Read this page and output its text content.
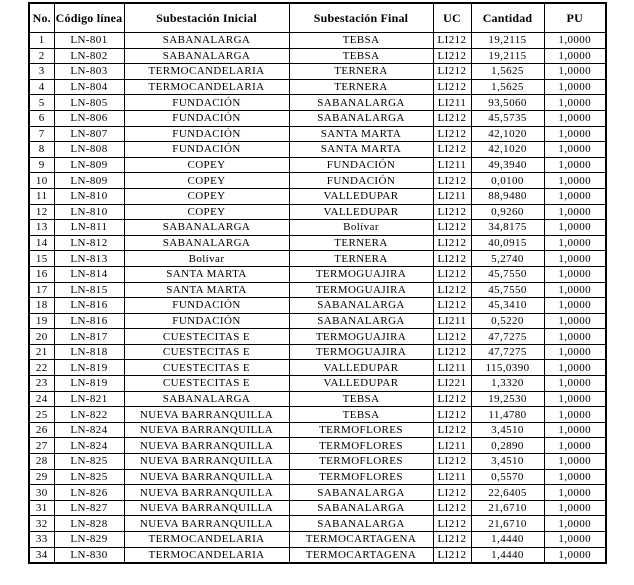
No.	Código línea	Subestación Inicial	Subestación Final	UC	Cantidad	PU
1	LN-801	SABANALARGA	TEBSA	LI212	19,2115	1,0000
2	LN-802	SABANALARGA	TEBSA	LI212	19,2115	1,0000
3	LN-803	TERMOCANDELARIA	TERNERA	LI212	1,5625	1,0000
4	LN-804	TERMOCANDELARIA	TERNERA	LI212	1,5625	1,0000
5	LN-805	FUNDACIÓN	SABANALARGA	LI211	93,5060	1,0000
6	LN-806	FUNDACIÓN	SABANALARGA	LI212	45,5735	1,0000
7	LN-807	FUNDACIÓN	SANTA MARTA	LI212	42,1020	1,0000
8	LN-808	FUNDACIÓN	SANTA MARTA	LI212	42,1020	1,0000
9	LN-809	COPEY	FUNDACIÓN	LI211	49,3940	1,0000
10	LN-809	COPEY	FUNDACIÓN	LI212	0,0100	1,0000
11	LN-810	COPEY	VALLEDUPAR	LI211	88,9480	1,0000
12	LN-810	COPEY	VALLEDUPAR	LI212	0,9260	1,0000
13	LN-811	SABANALARGA	Bolívar	LI212	34,8175	1,0000
14	LN-812	SABANALARGA	TERNERA	LI212	40,0915	1,0000
15	LN-813	Bolívar	TERNERA	LI212	5,2740	1,0000
16	LN-814	SANTA MARTA	TERMOGUAJIRA	LI212	45,7550	1,0000
17	LN-815	SANTA MARTA	TERMOGUAJIRA	LI212	45,7550	1,0000
18	LN-816	FUNDACIÓN	SABANALARGA	LI212	45,3410	1,0000
19	LN-816	FUNDACIÓN	SABANALARGA	LI211	0,5220	1,0000
20	LN-817	CUESTECITAS E	TERMOGUAJIRA	LI212	47,7275	1,0000
21	LN-818	CUESTECITAS E	TERMOGUAJIRA	LI212	47,7275	1,0000
22	LN-819	CUESTECITAS E	VALLEDUPAR	LI211	115,0390	1,0000
23	LN-819	CUESTECITAS E	VALLEDUPAR	LI221	1,3320	1,0000
24	LN-821	SABANALARGA	TEBSA	LI212	19,2530	1,0000
25	LN-822	NUEVA BARRANQUILLA	TEBSA	LI212	11,4780	1,0000
26	LN-824	NUEVA BARRANQUILLA	TERMOFLORES	LI212	3,4510	1,0000
27	LN-824	NUEVA BARRANQUILLA	TERMOFLORES	LI211	0,2890	1,0000
28	LN-825	NUEVA BARRANQUILLA	TERMOFLORES	LI212	3,4510	1,0000
29	LN-825	NUEVA BARRANQUILLA	TERMOFLORES	LI211	0,5570	1,0000
30	LN-826	NUEVA BARRANQUILLA	SABANALARGA	LI212	22,6405	1,0000
31	LN-827	NUEVA BARRANQUILLA	SABANALARGA	LI212	21,6710	1,0000
32	LN-828	NUEVA BARRANQUILLA	SABANALARGA	LI212	21,6710	1,0000
33	LN-829	TERMOCANDELARIA	TERMOCARTAGENA	LI212	1,4440	1,0000
34	LN-830	TERMOCANDELARIA	TERMOCARTAGENA	LI212	1,4440	1,0000
